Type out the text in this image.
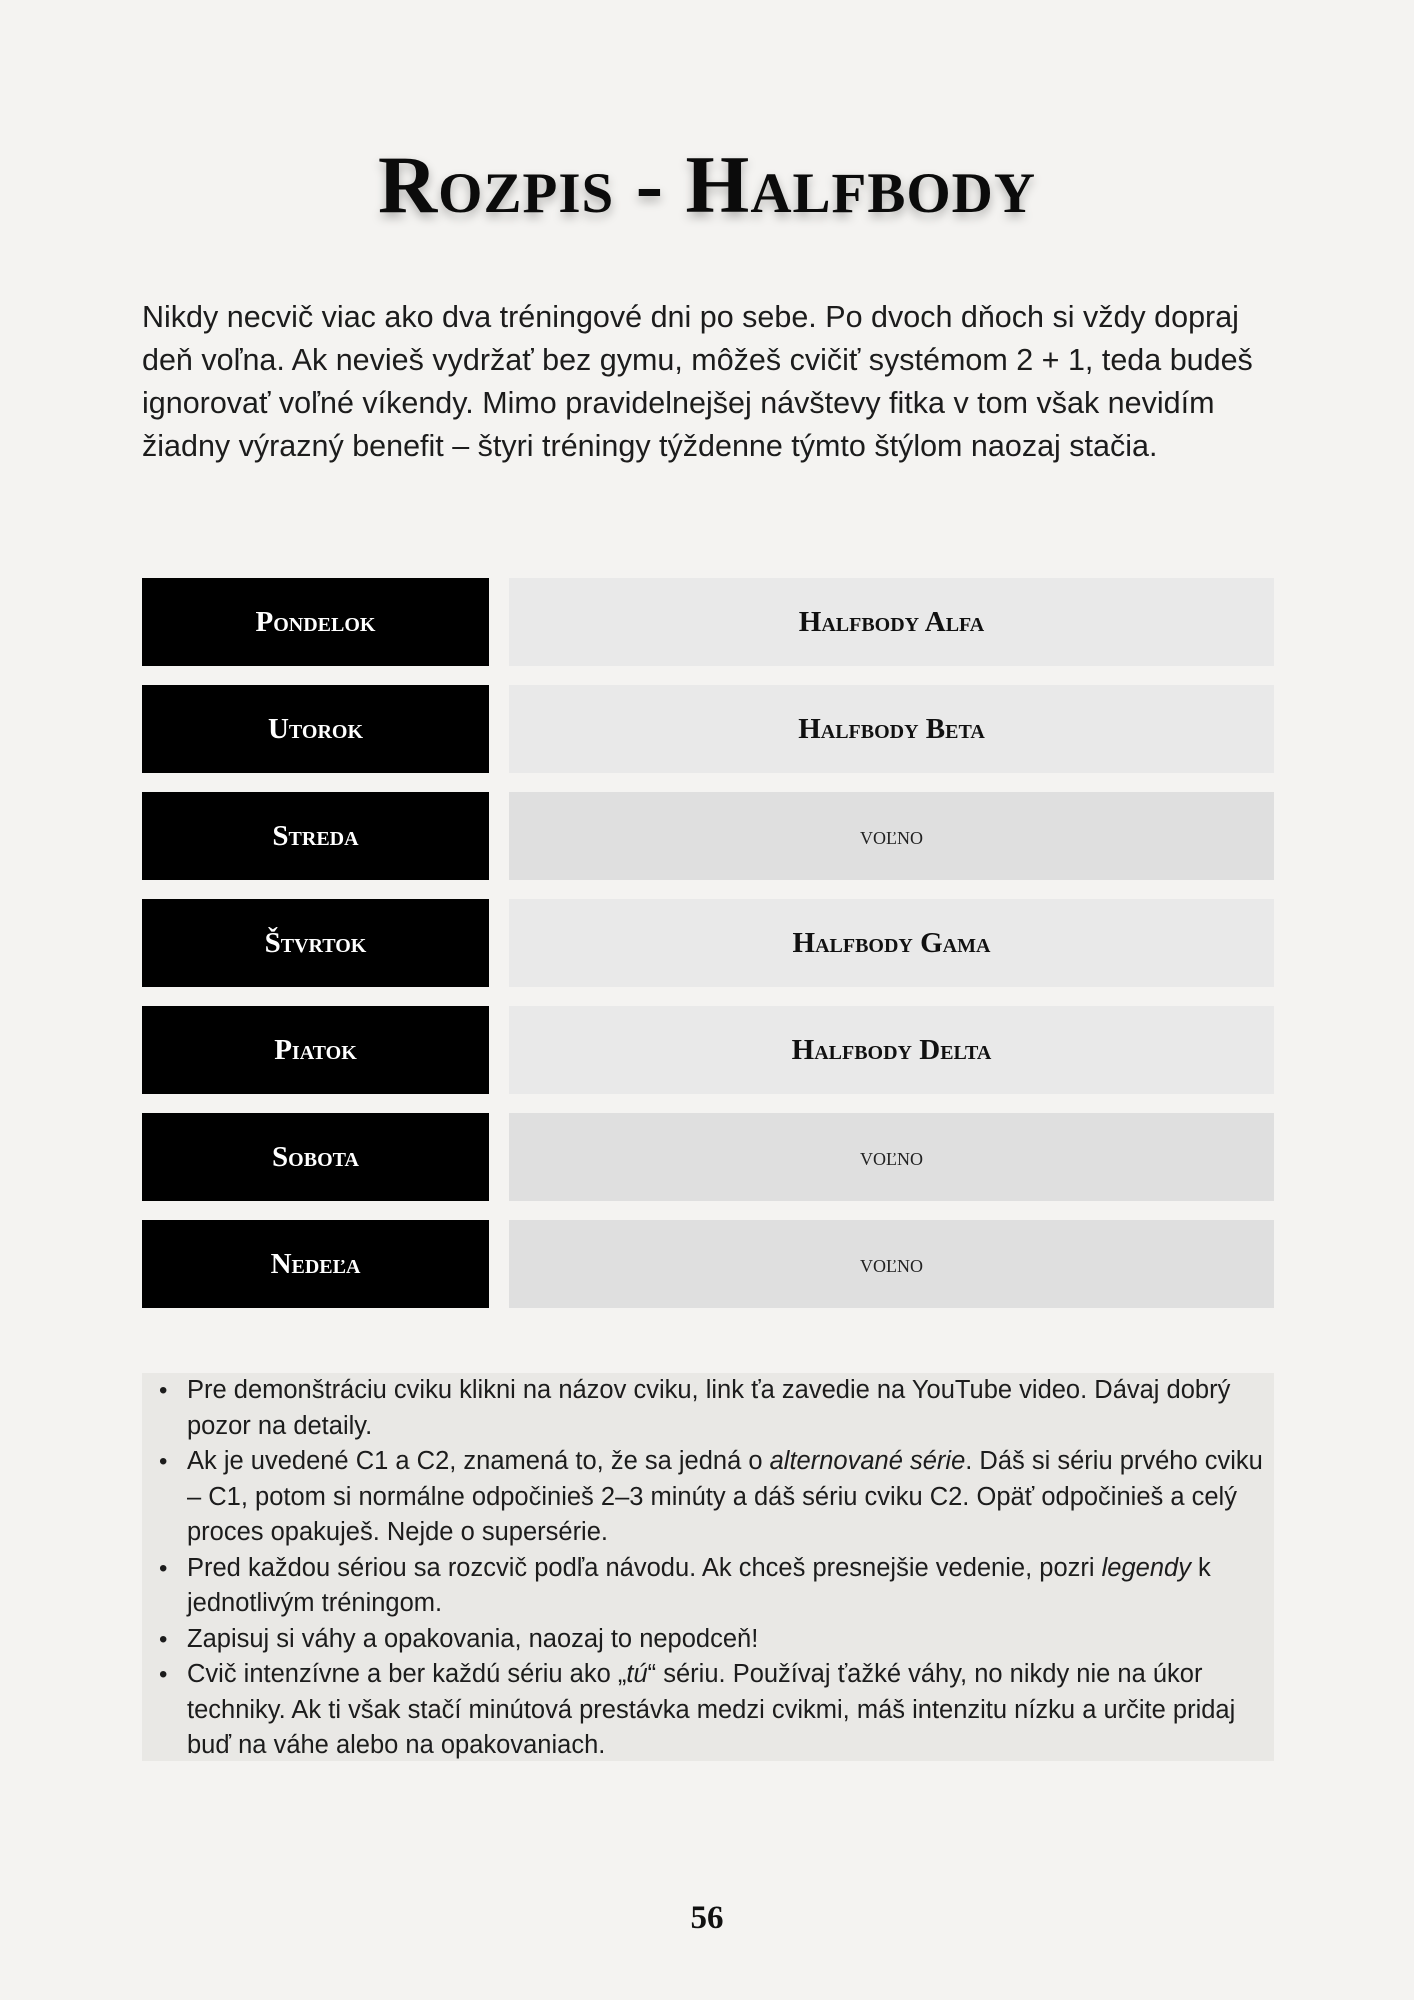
Rozpis - Halfbody

Nikdy necvič viac ako dva tréningové dni po sebe. Po dvoch dňoch si vždy dopraj deň voľna. Ak nevieš vydržať bez gymu, môžeš cvičiť systémom 2 + 1, teda budeš ignorovať voľné víkendy. Mimo pravidelnejšej návštevy fitka v tom však nevidím žiadny výrazný benefit – štyri tréningy týždenne týmto štýlom naozaj stačia.

Pondelok	Halfbody Alfa
Utorok	Halfbody Beta
Streda	voľno
Štvrtok	Halfbody Gama
Piatok	Halfbody Delta
Sobota	voľno
Nedeľa	voľno
• Pre demonštráciu cviku klikni na názov cviku, link ťa zavedie na YouTube video. Dávaj dobrý pozor na detaily.
• Ak je uvedené C1 a C2, znamená to, že sa jedná o alternované série. Dáš si sériu prvého cviku – C1, potom si normálne odpočinieš 2–3 minúty a dáš sériu cviku C2. Opäť odpočinieš a celý proces opakuješ. Nejde o supersérie.
• Pred každou sériou sa rozcvič podľa návodu. Ak chceš presnejšie vedenie, pozri legendy k jednotlivým tréningom.
• Zapisuj si váhy a opakovania, naozaj to nepodceň!
• Cvič intenzívne a ber každú sériu ako „tú“ sériu. Používaj ťažké váhy, no nikdy nie na úkor techniky. Ak ti však stačí minútová prestávka medzi cvikmi, máš intenzitu nízku a určite pridaj buď na váhe alebo na opakovaniach.
56
